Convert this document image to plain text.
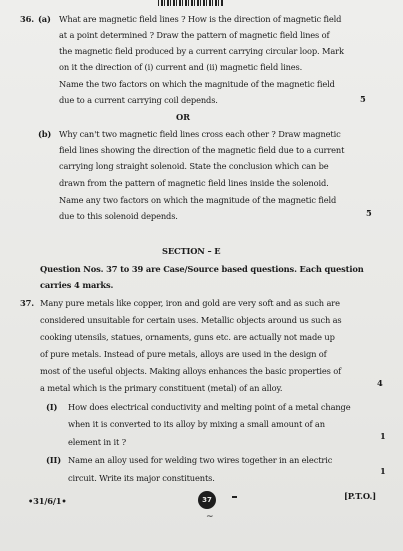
36. (a) What are magnetic field lines ? How is the direction of magnetic field
at a point determined ? Draw the pattern of magnetic field lines of
the magnetic field produced by a current carrying circular loop. Mark
on it the direction of (i) current and (ii) magnetic field lines.
Name the two factors on which the magnitude of the magnetic field
due to a current carrying coil depends.	5
OR
(b) Why can't two magnetic field lines cross each other ? Draw magnetic
field lines showing the direction of the magnetic field due to a current
carrying long straight solenoid. State the conclusion which can be
drawn from the pattern of magnetic field lines inside the solenoid.
Name any two factors on which the magnitude of the magnetic field
due to this solenoid depends.	5
SECTION – E
Question Nos. 37 to 39 are Case/Source based questions. Each question
carries 4 marks.
37. Many pure metals like copper, iron and gold are very soft and as such are
considered unsuitable for certain uses. Metallic objects around us such as
cooking utensils, statues, ornaments, guns etc. are actually not made up
of pure metals. Instead of pure metals, alloys are used in the design of
most of the useful objects. Making alloys enhances the basic properties of
a metal which is the primary constituent (metal) of an alloy.	4
(I) How does electrical conductivity and melting point of a metal change
when it is converted to its alloy by mixing a small amount of an
element in it ?
1
(II) Name an alloy used for welding two wires together in an electric
circuit. Write its major constituents.
1
•31/6/1•	37	[P.T.O.]
~
